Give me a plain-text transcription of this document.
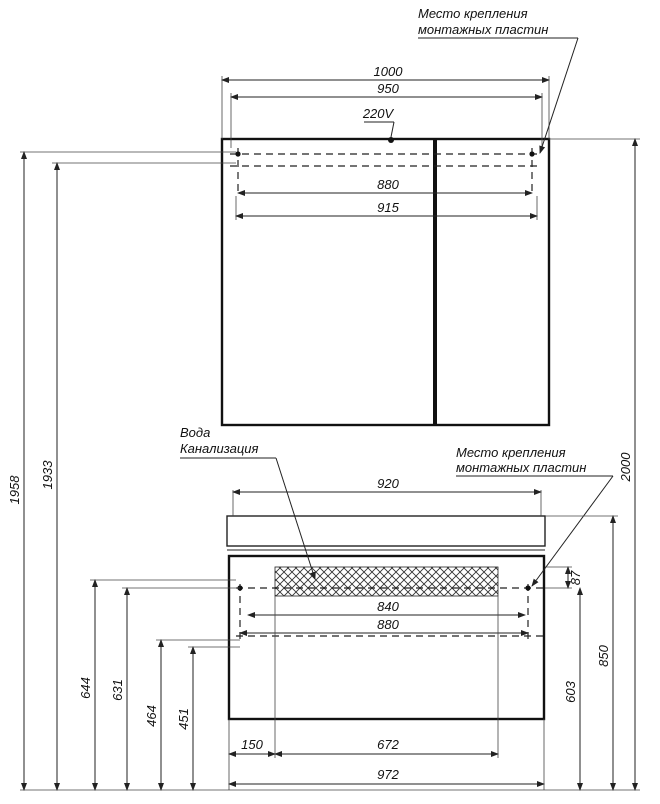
1000
950
220V
880
915
Место крепления
монтажных пластин
920
840
880
150	672
972
Вода
Канализация	Место крепления
монтажных пластин
87
1958
1933	2000
850
603
644 631
464 451
